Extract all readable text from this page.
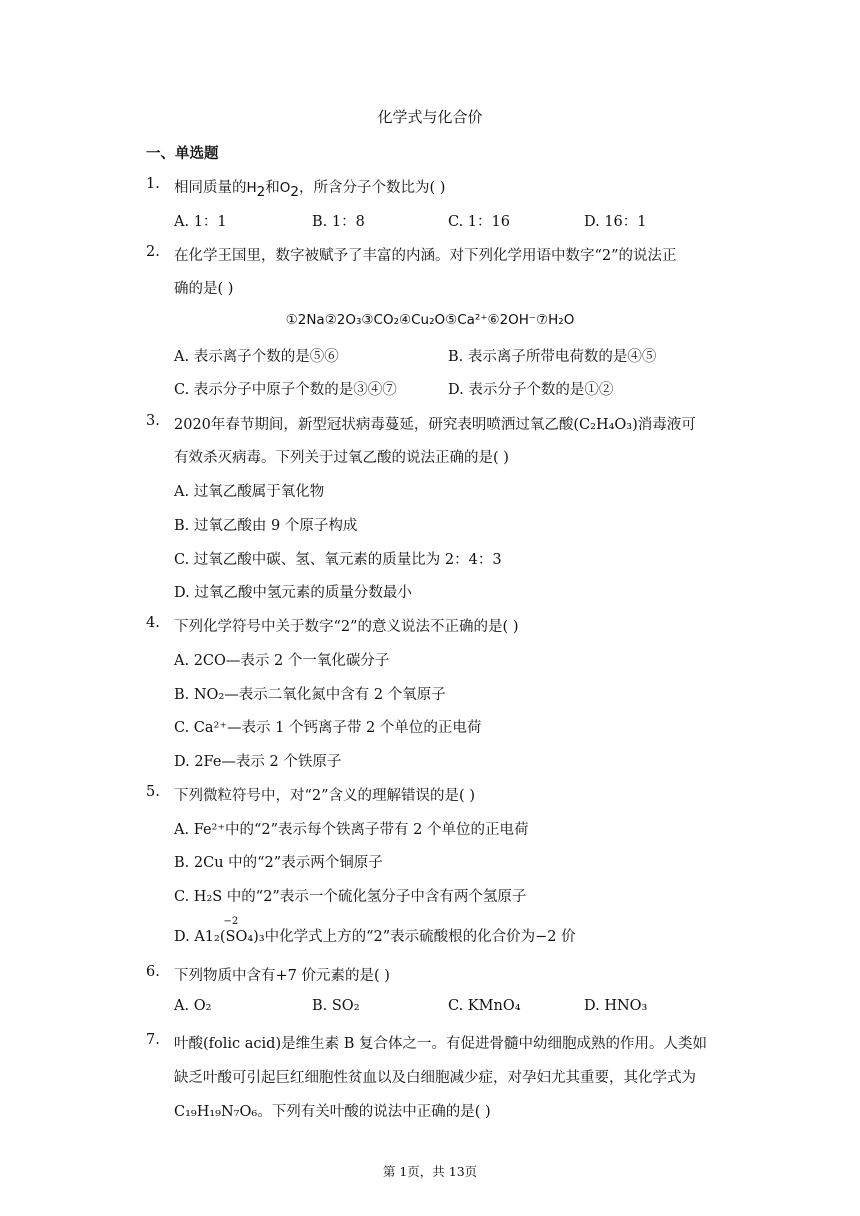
化学式与化合价
一、单选题
1. 相同质量的$H_2$和$O_2$，所含分子个数比为( )
A. 1：1	B. 1：8	C. 1：16	D. 16：1
2. 在化学王国里，数字被赋予了丰富的内涵。对下列化学用语中数字“2”的说法正
确的是( )
①2Na②2O₃③CO₂④Cu₂O⑤Ca²⁺⑥2OH⁻⑦H₂O
A. 表示离子个数的是⑤⑥	B. 表示离子所带电荷数的是④⑤
C. 表示分子中原子个数的是③④⑦	D. 表示分子个数的是①②
3. 2020年春节期间，新型冠状病毒蔓延，研究表明喷洒过氧乙酸(C₂H₄O₃)消毒液可
有效杀灭病毒。下列关于过氧乙酸的说法正确的是( )
A. 过氧乙酸属于氧化物
B. 过氧乙酸由 9 个原子构成
C. 过氧乙酸中碳、氢、氧元素的质量比为 2：4：3
D. 过氧乙酸中氢元素的质量分数最小
4. 下列化学符号中关于数字“2”的意义说法不正确的是( )
A. 2CO—表示 2 个一氧化碳分子
B. NO₂—表示二氧化氮中含有 2 个氧原子
C. Ca²⁺—表示 1 个钙离子带 2 个单位的正电荷
D. 2Fe—表示 2 个铁原子
5. 下列微粒符号中，对“2”含义的理解错误的是( )
A. Fe²⁺中的“2”表示每个铁离子带有 2 个单位的正电荷
B. 2Cu 中的“2”表示两个铜原子
C. H₂S 中的“2”表示一个硫化氢分子中含有两个氢原子
D. A1₂(
−2
SO₄)₃中化学式上方的“2”表示硫酸根的化合价为−2 价
6. 下列物质中含有+7 价元素的是( )
A. O₂	B. SO₂	C. KMnO₄	D. HNO₃
7. 叶酸(folic acid)是维生素 B 复合体之一。有促进骨髓中幼细胞成熟的作用。人类如
缺乏叶酸可引起巨红细胞性贫血以及白细胞减少症，对孕妇尤其重要，其化学式为
C₁₉H₁₉N₇O₆。下列有关叶酸的说法中正确的是( )
第 1页，共 13页
